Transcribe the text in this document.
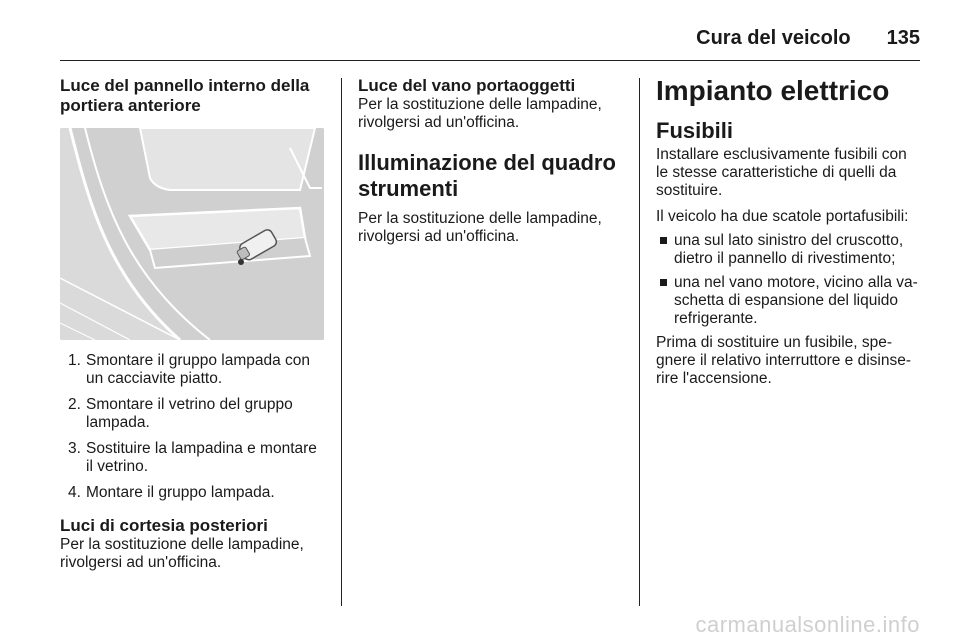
Cura del veicolo 135

Luce del pannello interno della portiera anteriore

1. Smontare il gruppo lampada con un cacciavite piatto.
2. Smontare il vetrino del gruppo lampada.
3. Sostituire la lampadina e montare il vetrino.
4. Montare il gruppo lampada.

Luci di cortesia posteriori

Per la sostituzione delle lampadine, rivolgersi ad un'officina.

Luce del vano portaoggetti

Per la sostituzione delle lampadine, rivolgersi ad un'officina.

Illuminazione del quadro strumenti

Per la sostituzione delle lampadine, rivolgersi ad un'officina.

Impianto elettrico

Fusibili

Installare esclusivamente fusibili con le stesse caratteristiche di quelli da sostituire.

Il veicolo ha due scatole portafusibili:

una sul lato sinistro del cruscotto, dietro il pannello di rivestimento;
una nel vano motore, vicino alla va-schetta di espansione del liquido refrigerante.

Prima di sostituire un fusibile, spe-gnere il relativo interruttore e disinse-rire l'accensione.

carmanualsonline.info
